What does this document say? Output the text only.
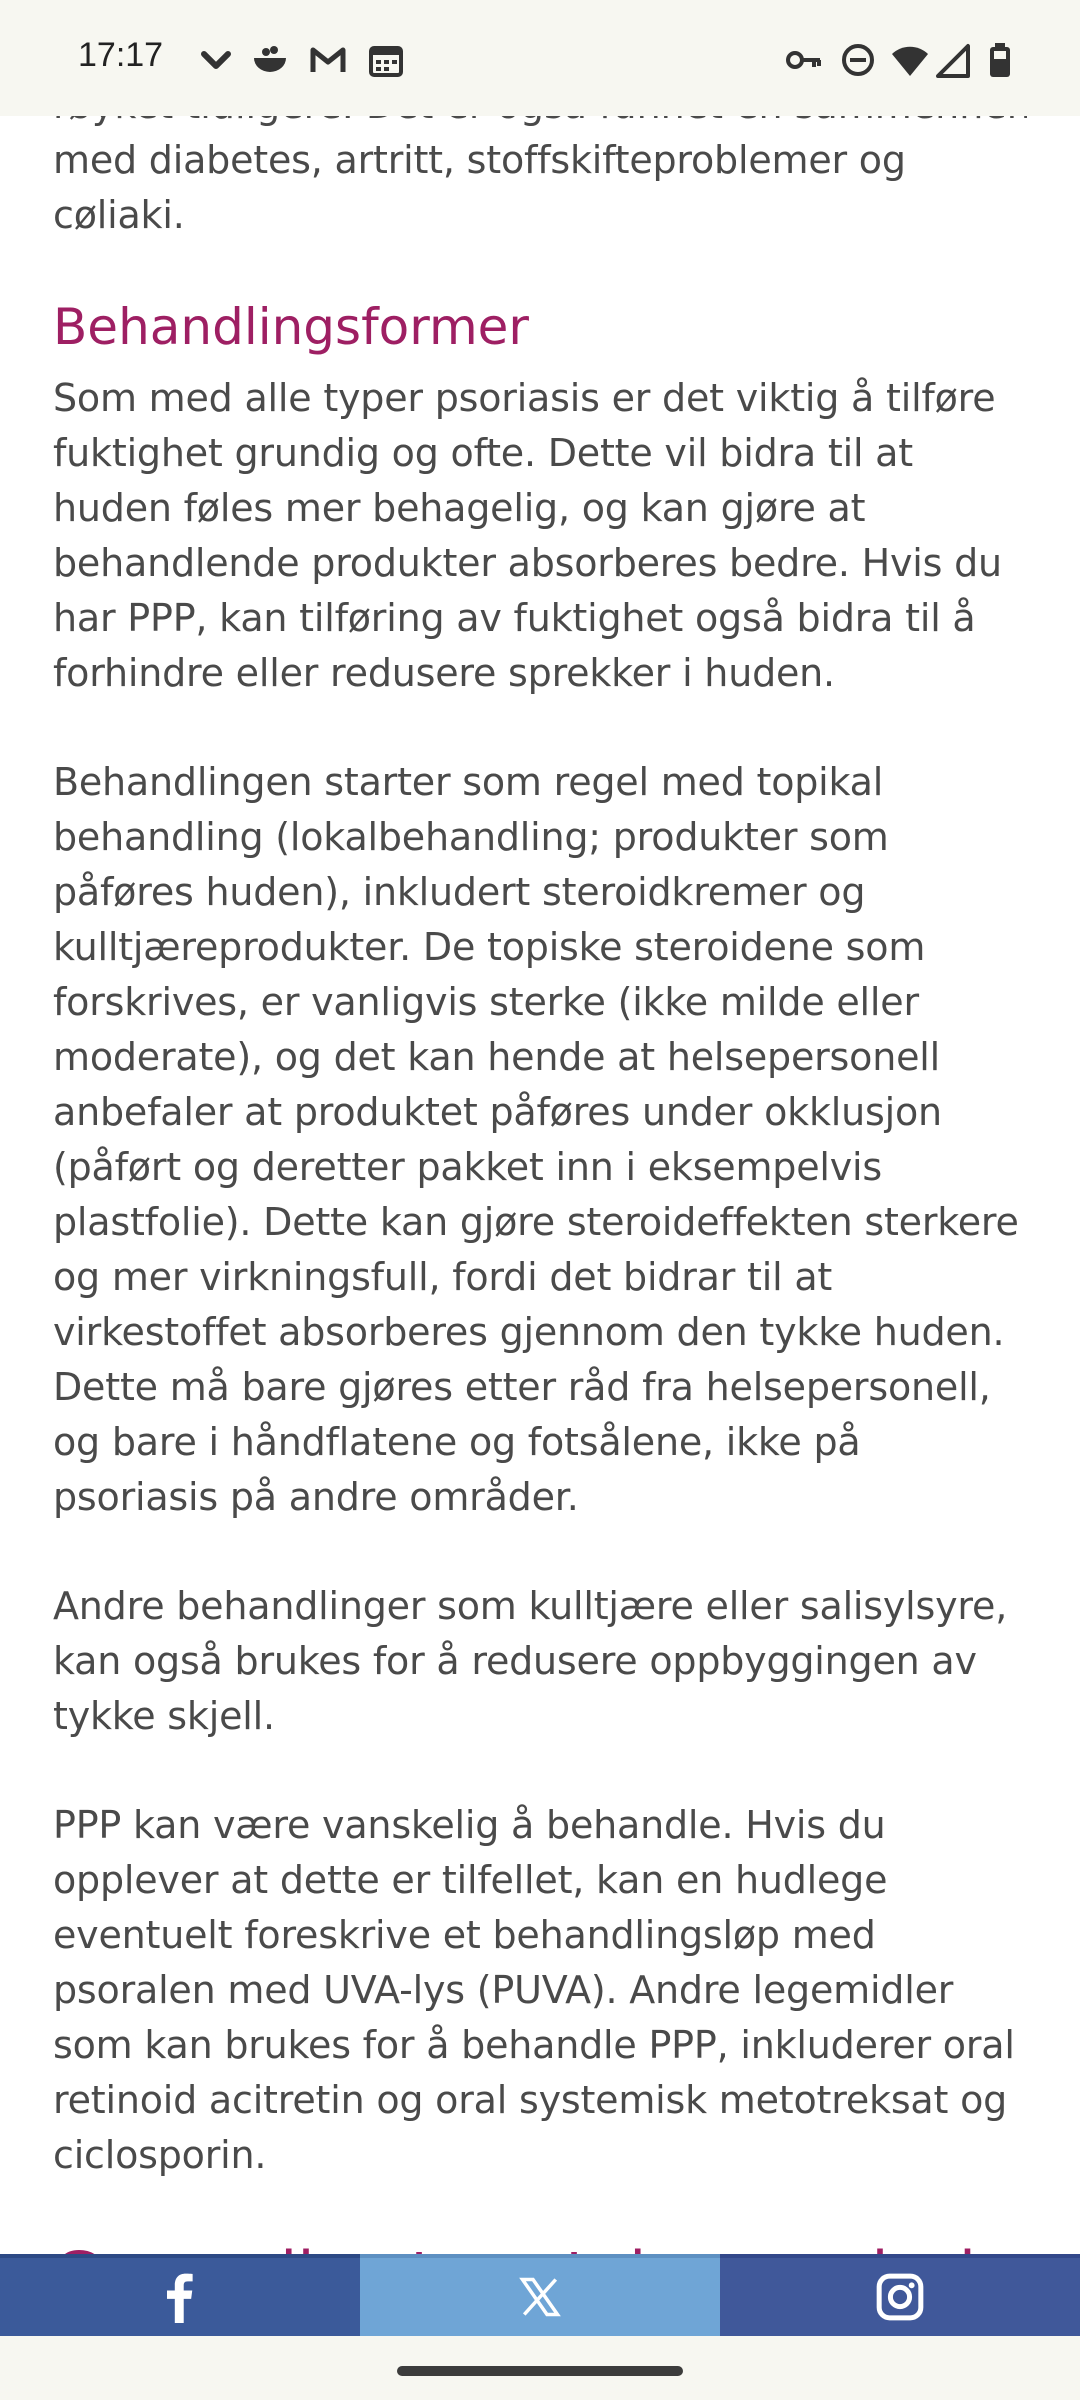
17:17

med diabetes, artritt, stoffskifteproblemer og cøliaki.

Behandlingsformer

Som med alle typer psoriasis er det viktig å tilføre fuktighet grundig og ofte. Dette vil bidra til at huden føles mer behagelig, og kan gjøre at behandlende produkter absorberes bedre. Hvis du har PPP, kan tilføring av fuktighet også bidra til å forhindre eller redusere sprekker i huden.

Behandlingen starter som regel med topikal behandling (lokalbehandling; produkter som påføres huden), inkludert steroidkremer og kulltjæreprodukter. De topiske steroidene som forskrives, er vanligvis sterke (ikke milde eller moderate), og det kan hende at helsepersonell anbefaler at produktet påføres under okklusjon (påført og deretter pakket inn i eksempelvis plastfolie). Dette kan gjøre steroideffekten sterkere og mer virkningsfull, fordi det bidrar til at virkestoffet absorberes gjennom den tykke huden. Dette må bare gjøres etter råd fra helsepersonell, og bare i håndflatene og fotsålene, ikke på psoriasis på andre områder.

Andre behandlinger som kulltjære eller salisylsyre, kan også brukes for å redusere oppbyggingen av tykke skjell.

PPP kan være vanskelig å behandle. Hvis du opplever at dette er tilfellet, kan en hudlege eventuelt foreskrive et behandlingsløp med psoralen med UVA-lys (PUVA). Andre legemidler som kan brukes for å behandle PPP, inkluderer oral retinoid acitretin og oral systemisk metotreksat og ciclosporin.
